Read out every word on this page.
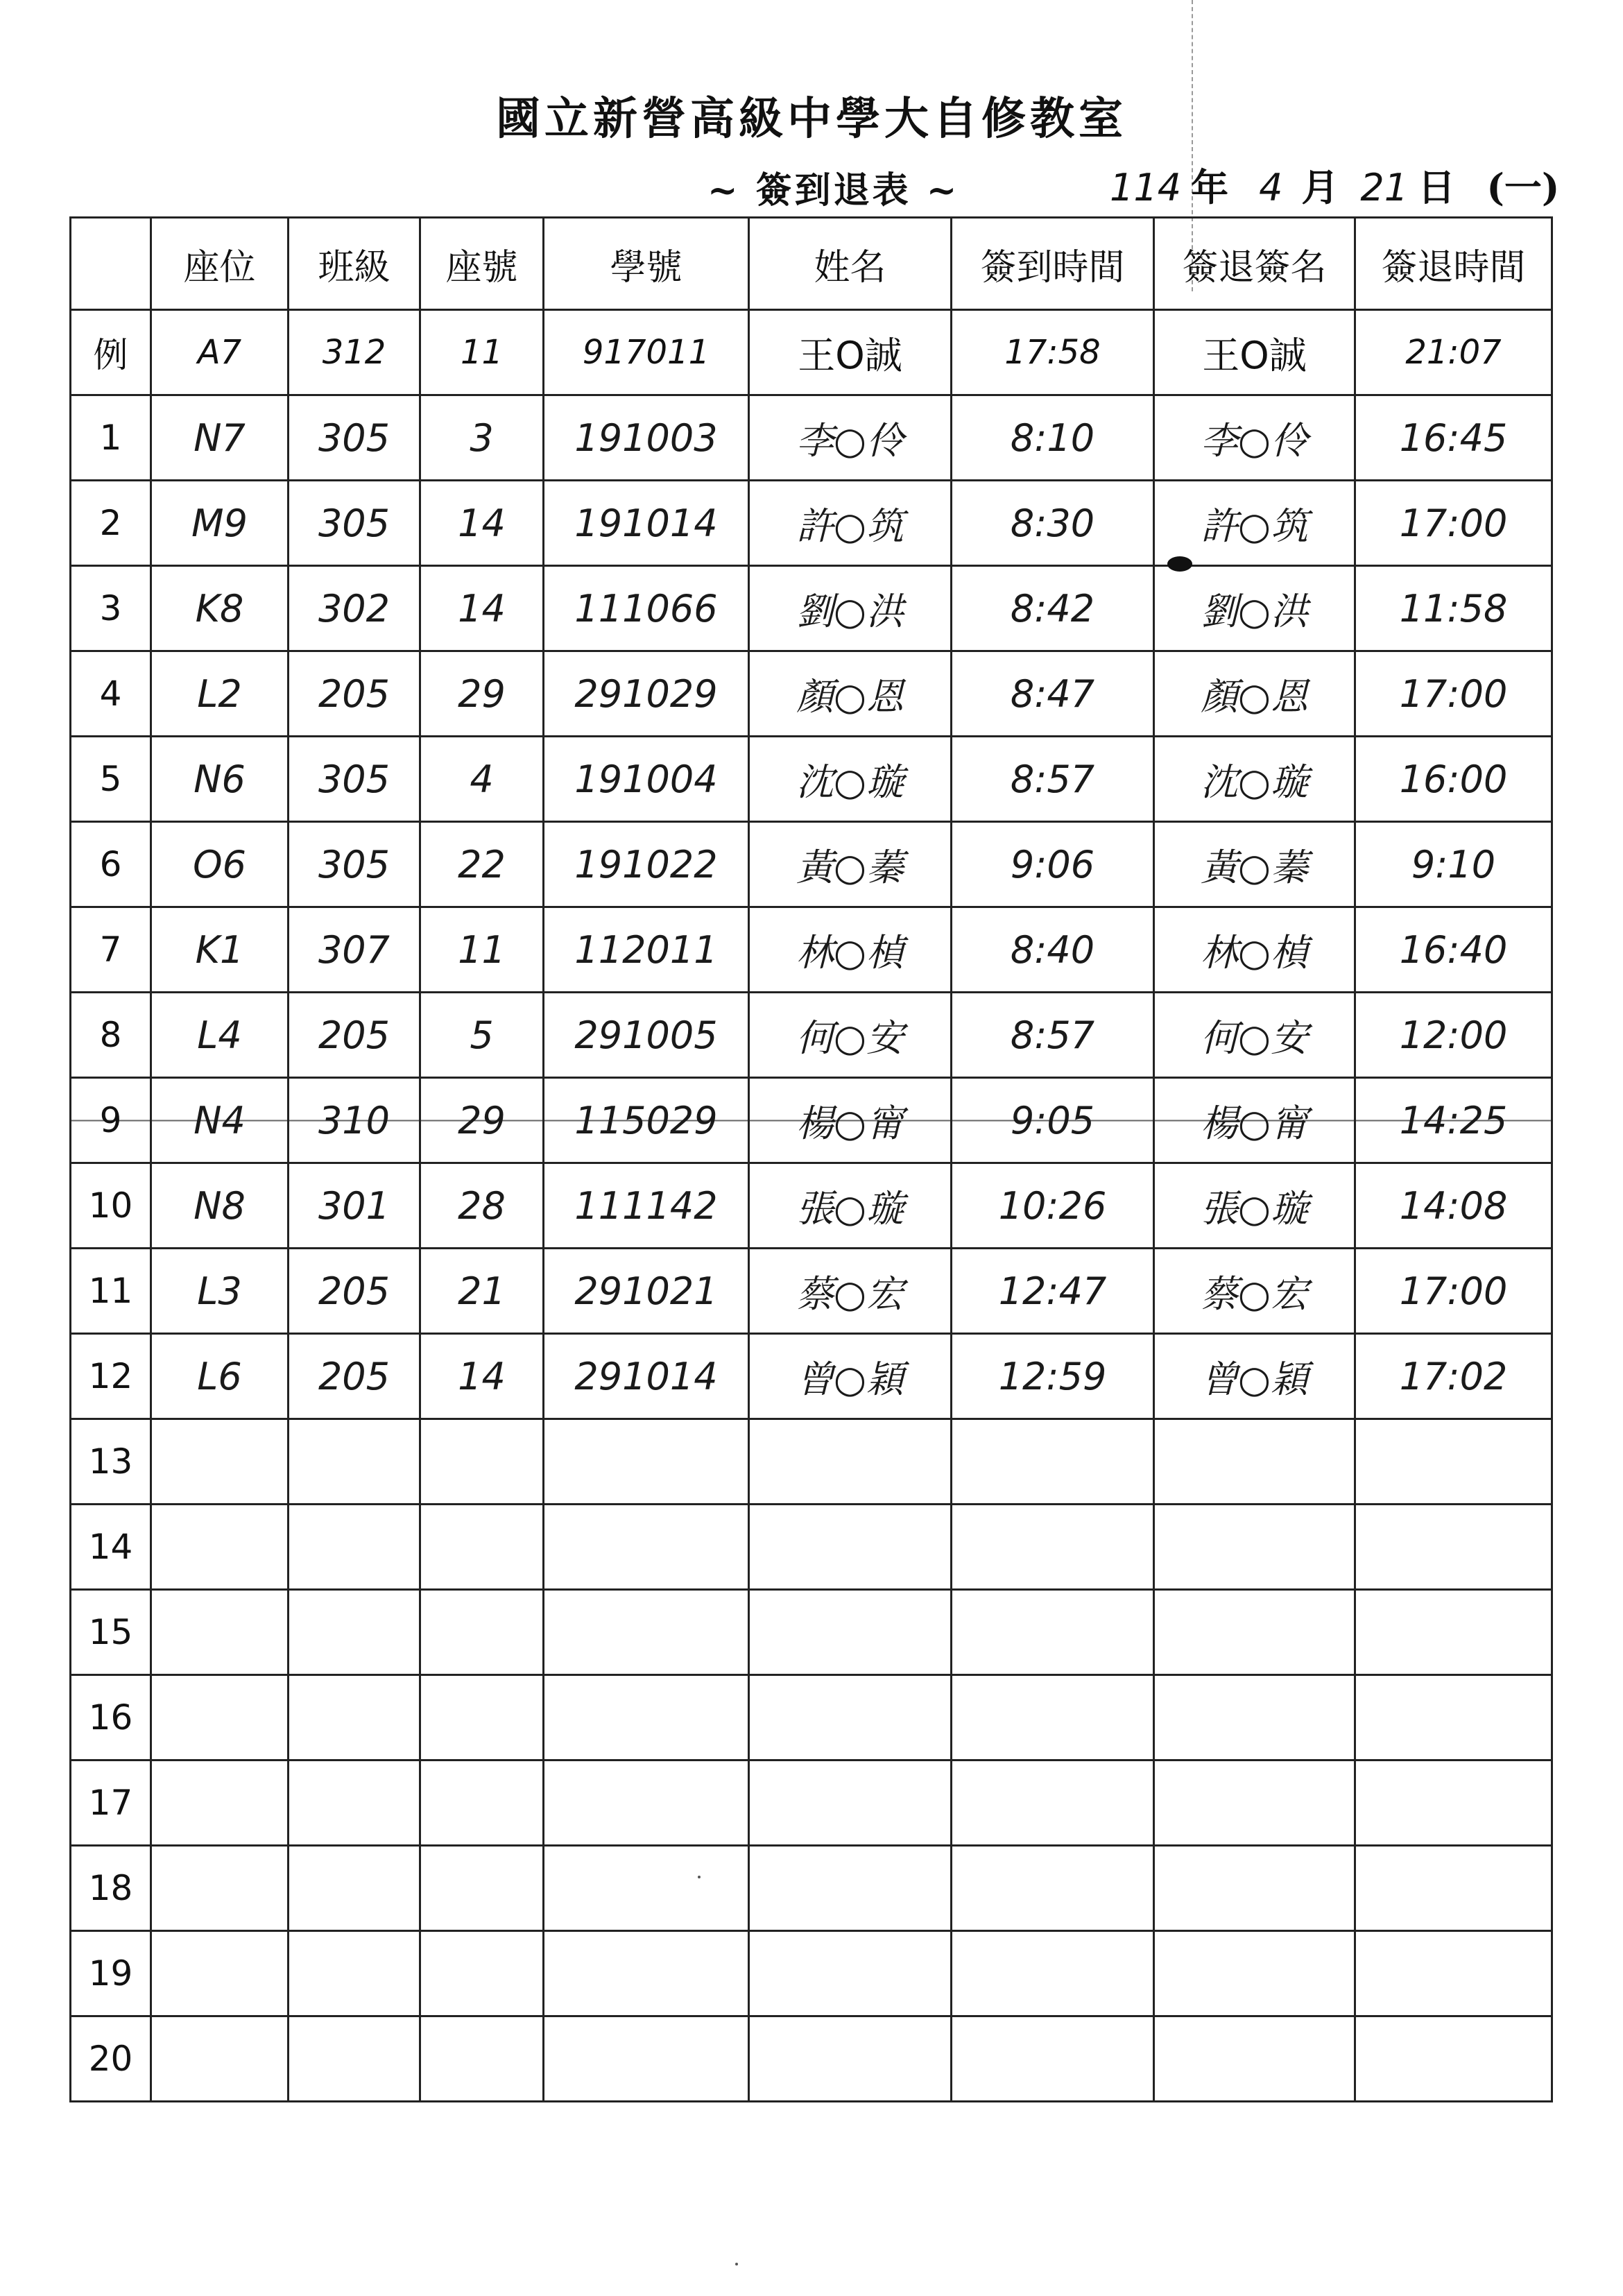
國立新營高級中學大自修教室
~ 簽到退表 ~	114 年 4 月 21 日 (一)
	座位	班級	座號	學號	姓名	簽到時間	簽退簽名	簽退時間
例	A7	312	11	917011	王O誠	17:58	王O誠	21:07
1	N7	305	3	191003	李○伶	8:10	李○伶	16:45
2	M9	305	14	191014	許○筑	8:30	許○筑	17:00
3	K8	302	14	111066	劉○洪	8:42	劉○洪	11:58
4	L2	205	29	291029	顏○恩	8:47	顏○恩	17:00
5	N6	305	4	191004	沈○璇	8:57	沈○璇	16:00
6	O6	305	22	191022	黃○蓁	9:06	黃○蓁	9:10
7	K1	307	11	112011	林○楨	8:40	林○楨	16:40
8	L4	205	5	291005	何○安	8:57	何○安	12:00
9	N4	310	29	115029	楊○甯	9:05	楊○甯	14:25
10	N8	301	28	111142	張○璇	10:26	張○璇	14:08
11	L3	205	21	291021	蔡○宏	12:47	蔡○宏	17:00
12	L6	205	14	291014	曾○穎	12:59	曾○穎	17:02
13								
14								
15								
16								
17								
18								
19								
20								
